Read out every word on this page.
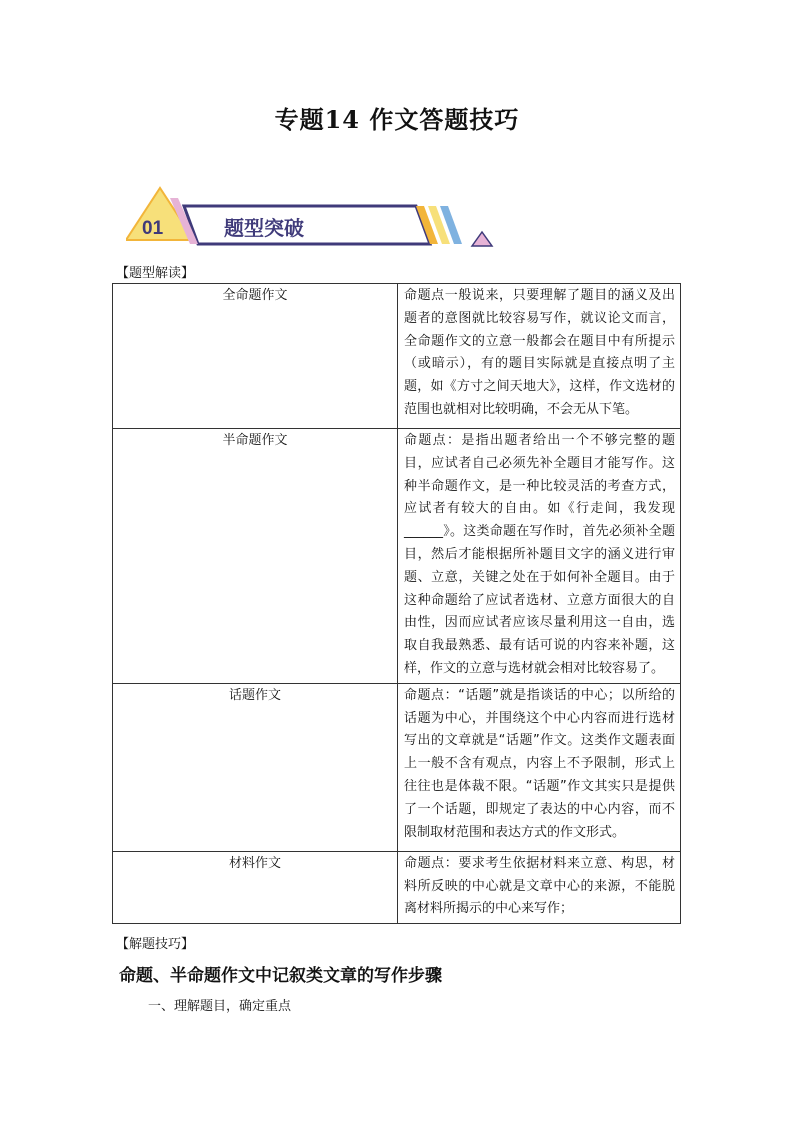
专题14 作文答题技巧
01	题型突破
【题型解读】
全命题作文	命题点一般说来，只要理解了题目的涵义及出题者的意图就比较容易写作，就议论文而言，全命题作文的立意一般都会在题目中有所提示（或暗示），有的题目实际就是直接点明了主题，如《方寸之间天地大》，这样，作文选材的范围也就相对比较明确，不会无从下笔。
半命题作文	命题点：是指出题者给出一个不够完整的题目，应试者自己必须先补全题目才能写作。这种半命题作文，是一种比较灵活的考查方式，应试者有较大的自由。如《行走间，我发现______》。这类命题在写作时，首先必须补全题目，然后才能根据所补题目文字的涵义进行审题、立意，关键之处在于如何补全题目。由于这种命题给了应试者选材、立意方面很大的自由性，因而应试者应该尽量利用这一自由，选取自我最熟悉、最有话可说的内容来补题，这样，作文的立意与选材就会相对比较容易了。
话题作文	命题点：“话题”就是指谈话的中心；以所给的话题为中心，并围绕这个中心内容而进行选材写出的文章就是“话题”作文。这类作文题表面上一般不含有观点，内容上不予限制，形式上往往也是体裁不限。“话题”作文其实只是提供了一个话题，即规定了表达的中心内容，而不限制取材范围和表达方式的作文形式。
材料作文	命题点：要求考生依据材料来立意、构思，材料所反映的中心就是文章中心的来源，不能脱离材料所揭示的中心来写作；
【解题技巧】
命题、半命题作文中记叙类文章的写作步骤
一、理解题目，确定重点
